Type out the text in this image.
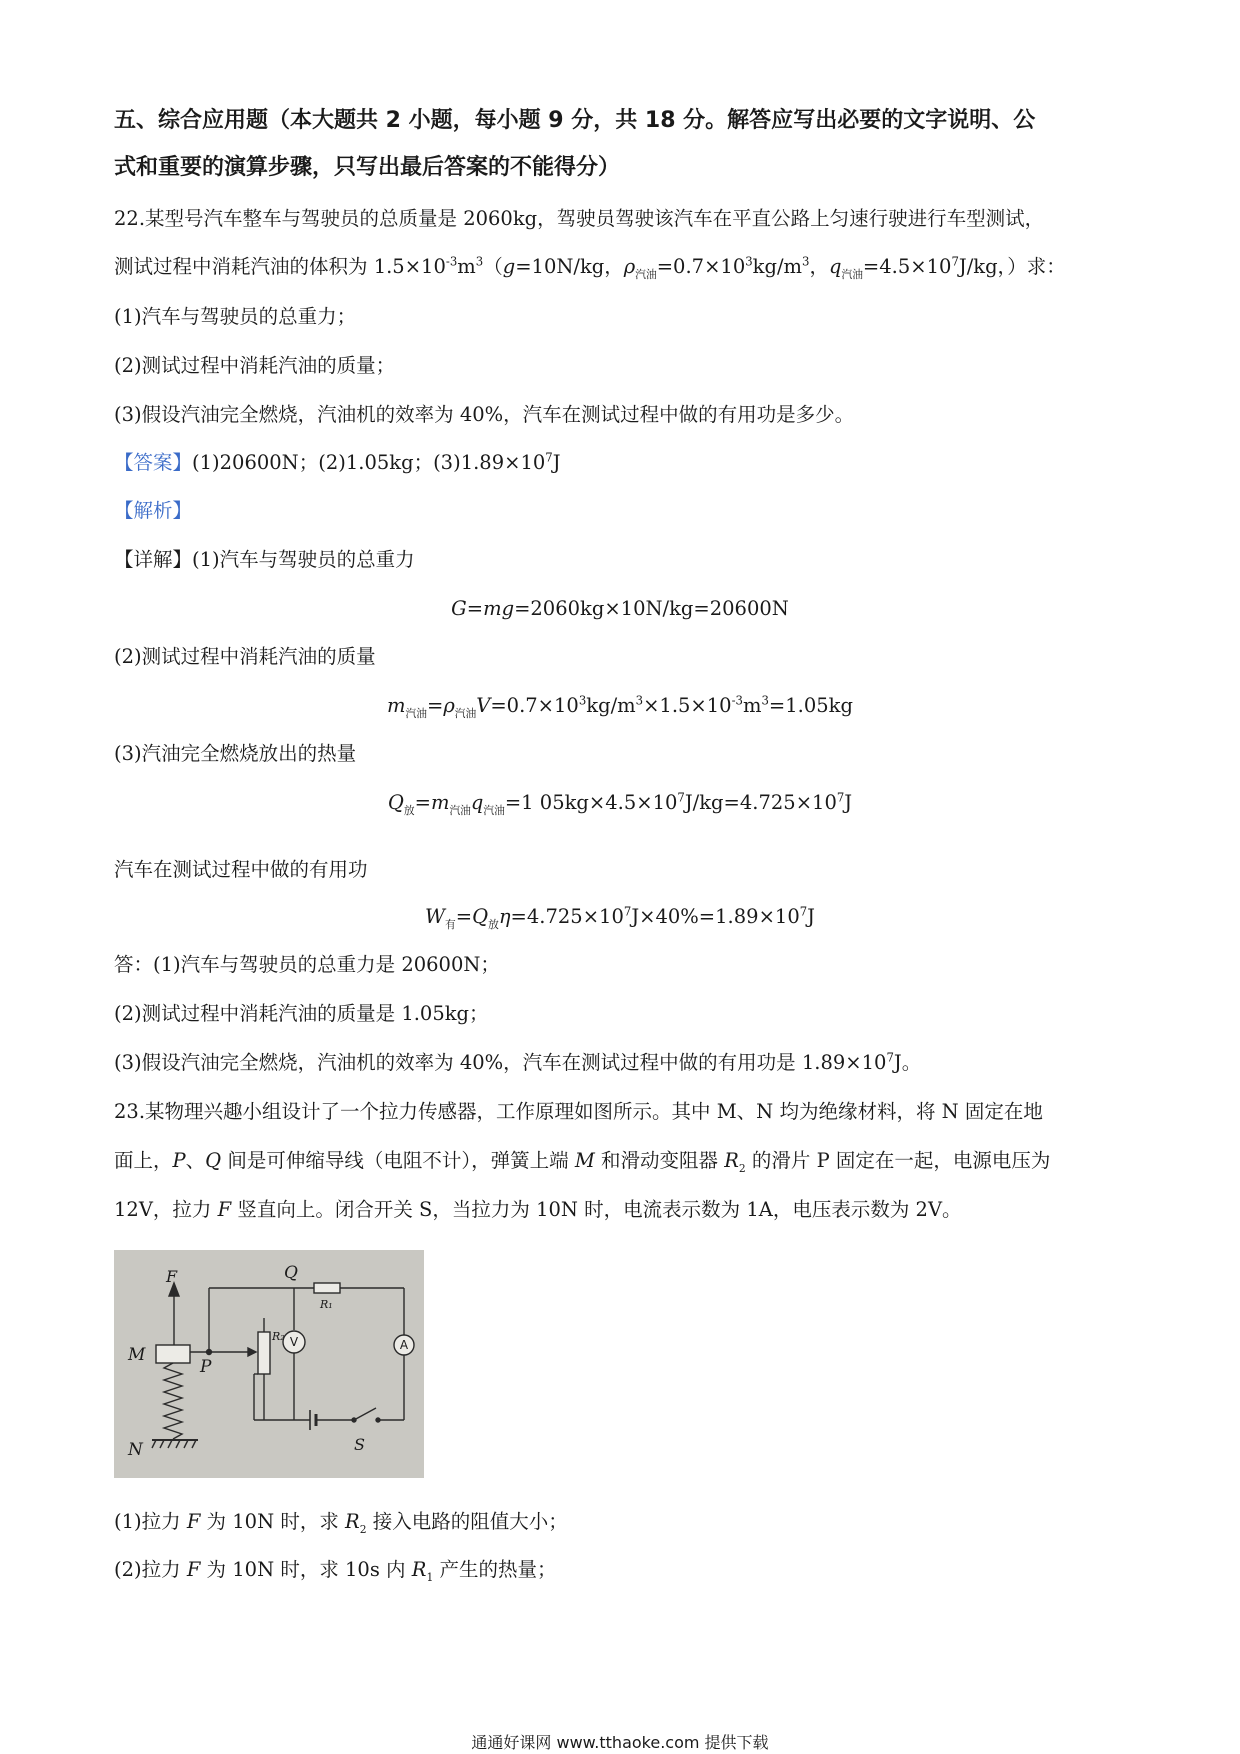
五、综合应用题（本大题共 2 小题，每小题 9 分，共 18 分。解答应写出必要的文字说明、公
式和重要的演算步骤，只写出最后答案的不能得分）
22.某型号汽车整车与驾驶员的总质量是 2060kg，驾驶员驾驶该汽车在平直公路上匀速行驶进行车型测试，
测试过程中消耗汽油的体积为 $1.5\times 10^{-3}m^3(g=10N/kg$，$\rho_{汽油}=0.7\times 10^3kg/m^3$，$q_{汽油}=4.5\times 10^7J/kg$，）求：
(1)汽车与驾驶员的总重力；
(2)测试过程中消耗汽油的质量；
(3)假设汽油完全燃烧，汽油机的效率为 40%，汽车在测试过程中做的有用功是多少。
【答案】(1)20600N；(2)1.05kg；$(3)1.89\times 10^7J$
【解析】
【详解】(1)汽车与驾驶员的总重力
G=mg=2060kg×10N/kg=20600N
(2)测试过程中消耗汽油的质量
$m_{汽油}=\rho_{汽油}V=0.7\times 10^3kg/m^3\times 1.5\times 10^{-3}m^3=1.05kg$
(3)汽油完全燃烧放出的热量
$Q_放=m_{汽油}q_{汽油}=1$ $05kg\times 4.5\times 10^7J/kg=4.725\times 10^7J$
汽车在测试过程中做的有用功
$W_有=Q_放\eta=4.725\times 10^7J\times 40\%=1.89\times 10^7J$
答：(1)汽车与驾驶员的总重力是 20600N；
(2)测试过程中消耗汽油的质量是 1.05kg；
(3)假设汽油完全燃烧，汽油机的效率为 40%，汽车在测试过程中做的有用功是 $1.89\times 10^7J$。
23.某物理兴趣小组设计了一个拉力传感器，工作原理如图所示。其中 M、N 均为绝缘材料，将 N 固定在地
面上，P、Q 间是可伸缩导线（电阻不计），弹簧上端 M 和滑动变阻器 $R_2$ 的滑片 P 固定在一起，电源电压为
12V，拉力 F 竖直向上。闭合开关 S，当拉力为 10N 时，电流表示数为 1A，电压表示数为 2V。
F
M
N
P
Q
R₁
R₂
S
V	A
(1)拉力 F 为 10N 时，求 $R_2$ 接入电路的阻值大小；
(2)拉力 F 为 10N 时，求 10s 内 $R_1$ 产生的热量；
通通好课网 www.tthaoke.com 提供下载
